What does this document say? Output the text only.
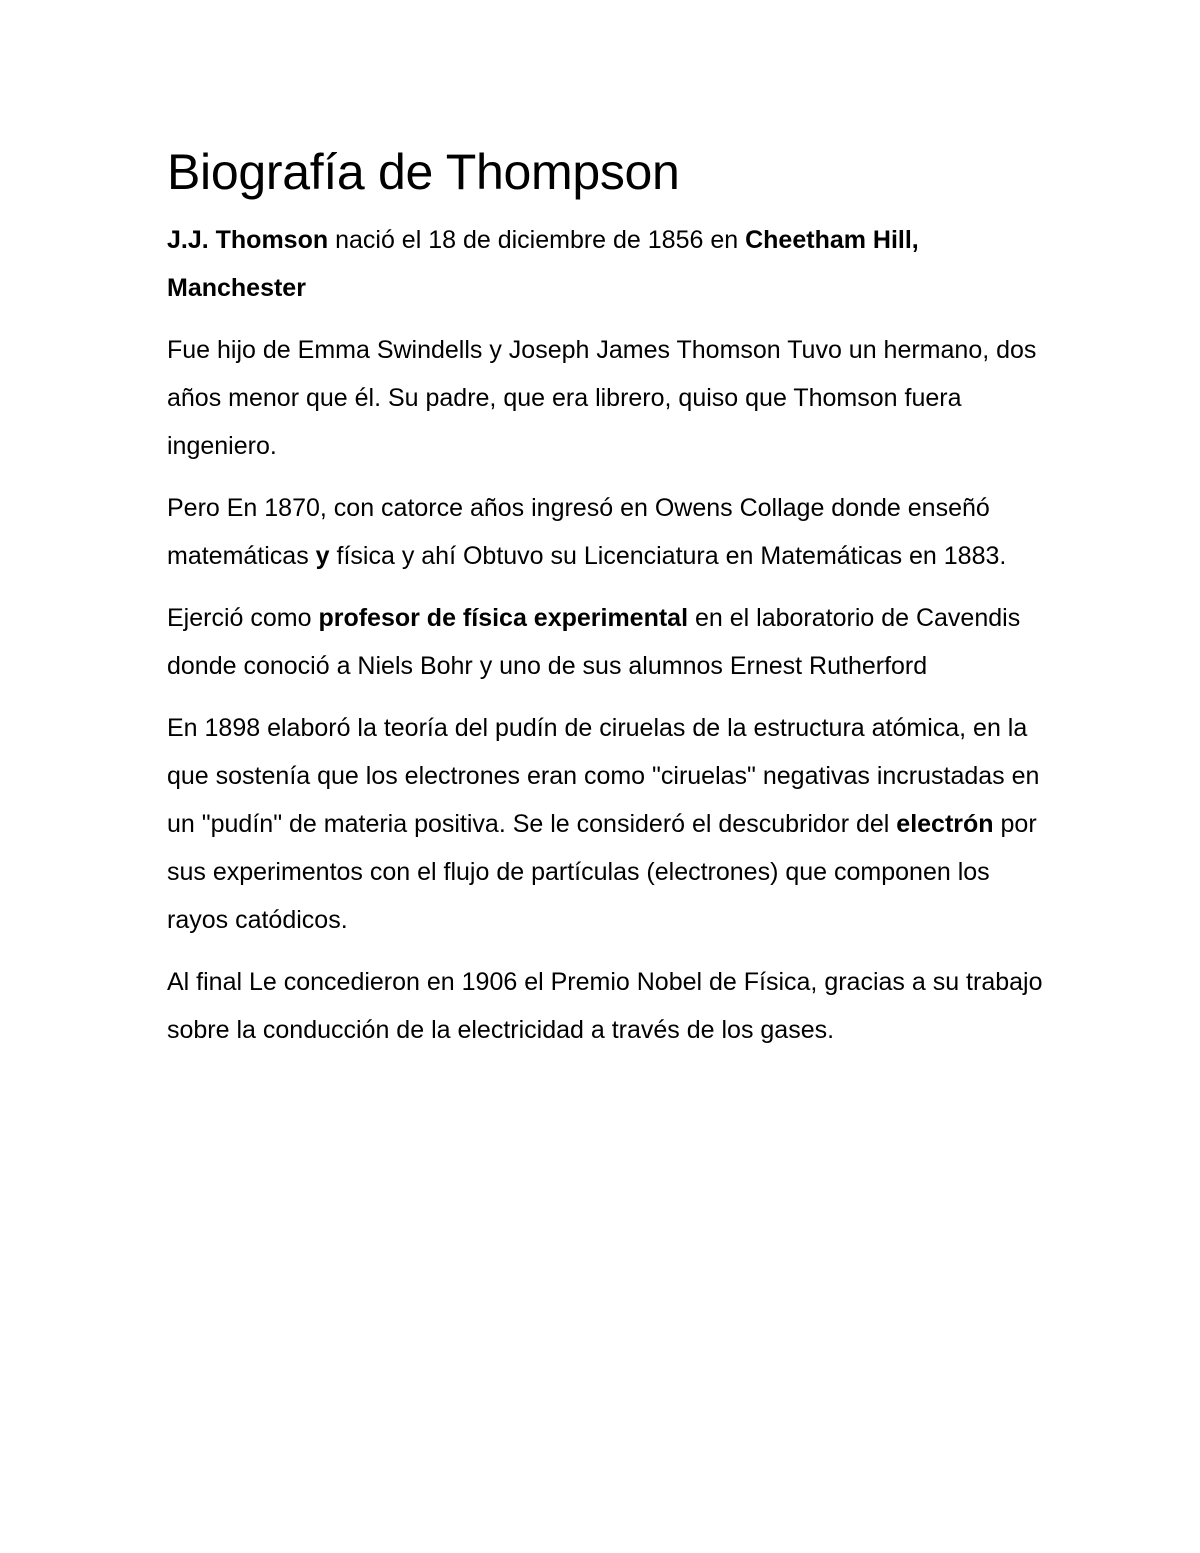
Biografía de Thompson

J.J. Thomson nació el 18 de diciembre de 1856 en Cheetham Hill, Manchester

Fue hijo de Emma Swindells y Joseph James Thomson Tuvo un hermano, dos años menor que él. Su padre, que era librero, quiso que Thomson fuera ingeniero.

Pero En 1870, con catorce años ingresó en Owens Collage donde enseñó matemáticas y física y ahí Obtuvo su Licenciatura en Matemáticas en 1883.

Ejerció como profesor de física experimental en el laboratorio de Cavendis donde conoció a Niels Bohr y uno de sus alumnos Ernest Rutherford

En 1898 elaboró la teoría del pudín de ciruelas de la estructura atómica, en la que sostenía que los electrones eran como "ciruelas" negativas incrustadas en un "pudín" de materia positiva. Se le consideró el descubridor del electrón por sus experimentos con el flujo de partículas (electrones) que componen los rayos catódicos.

Al final Le concedieron en 1906 el Premio Nobel de Física, gracias a su trabajo sobre la conducción de la electricidad a través de los gases.
